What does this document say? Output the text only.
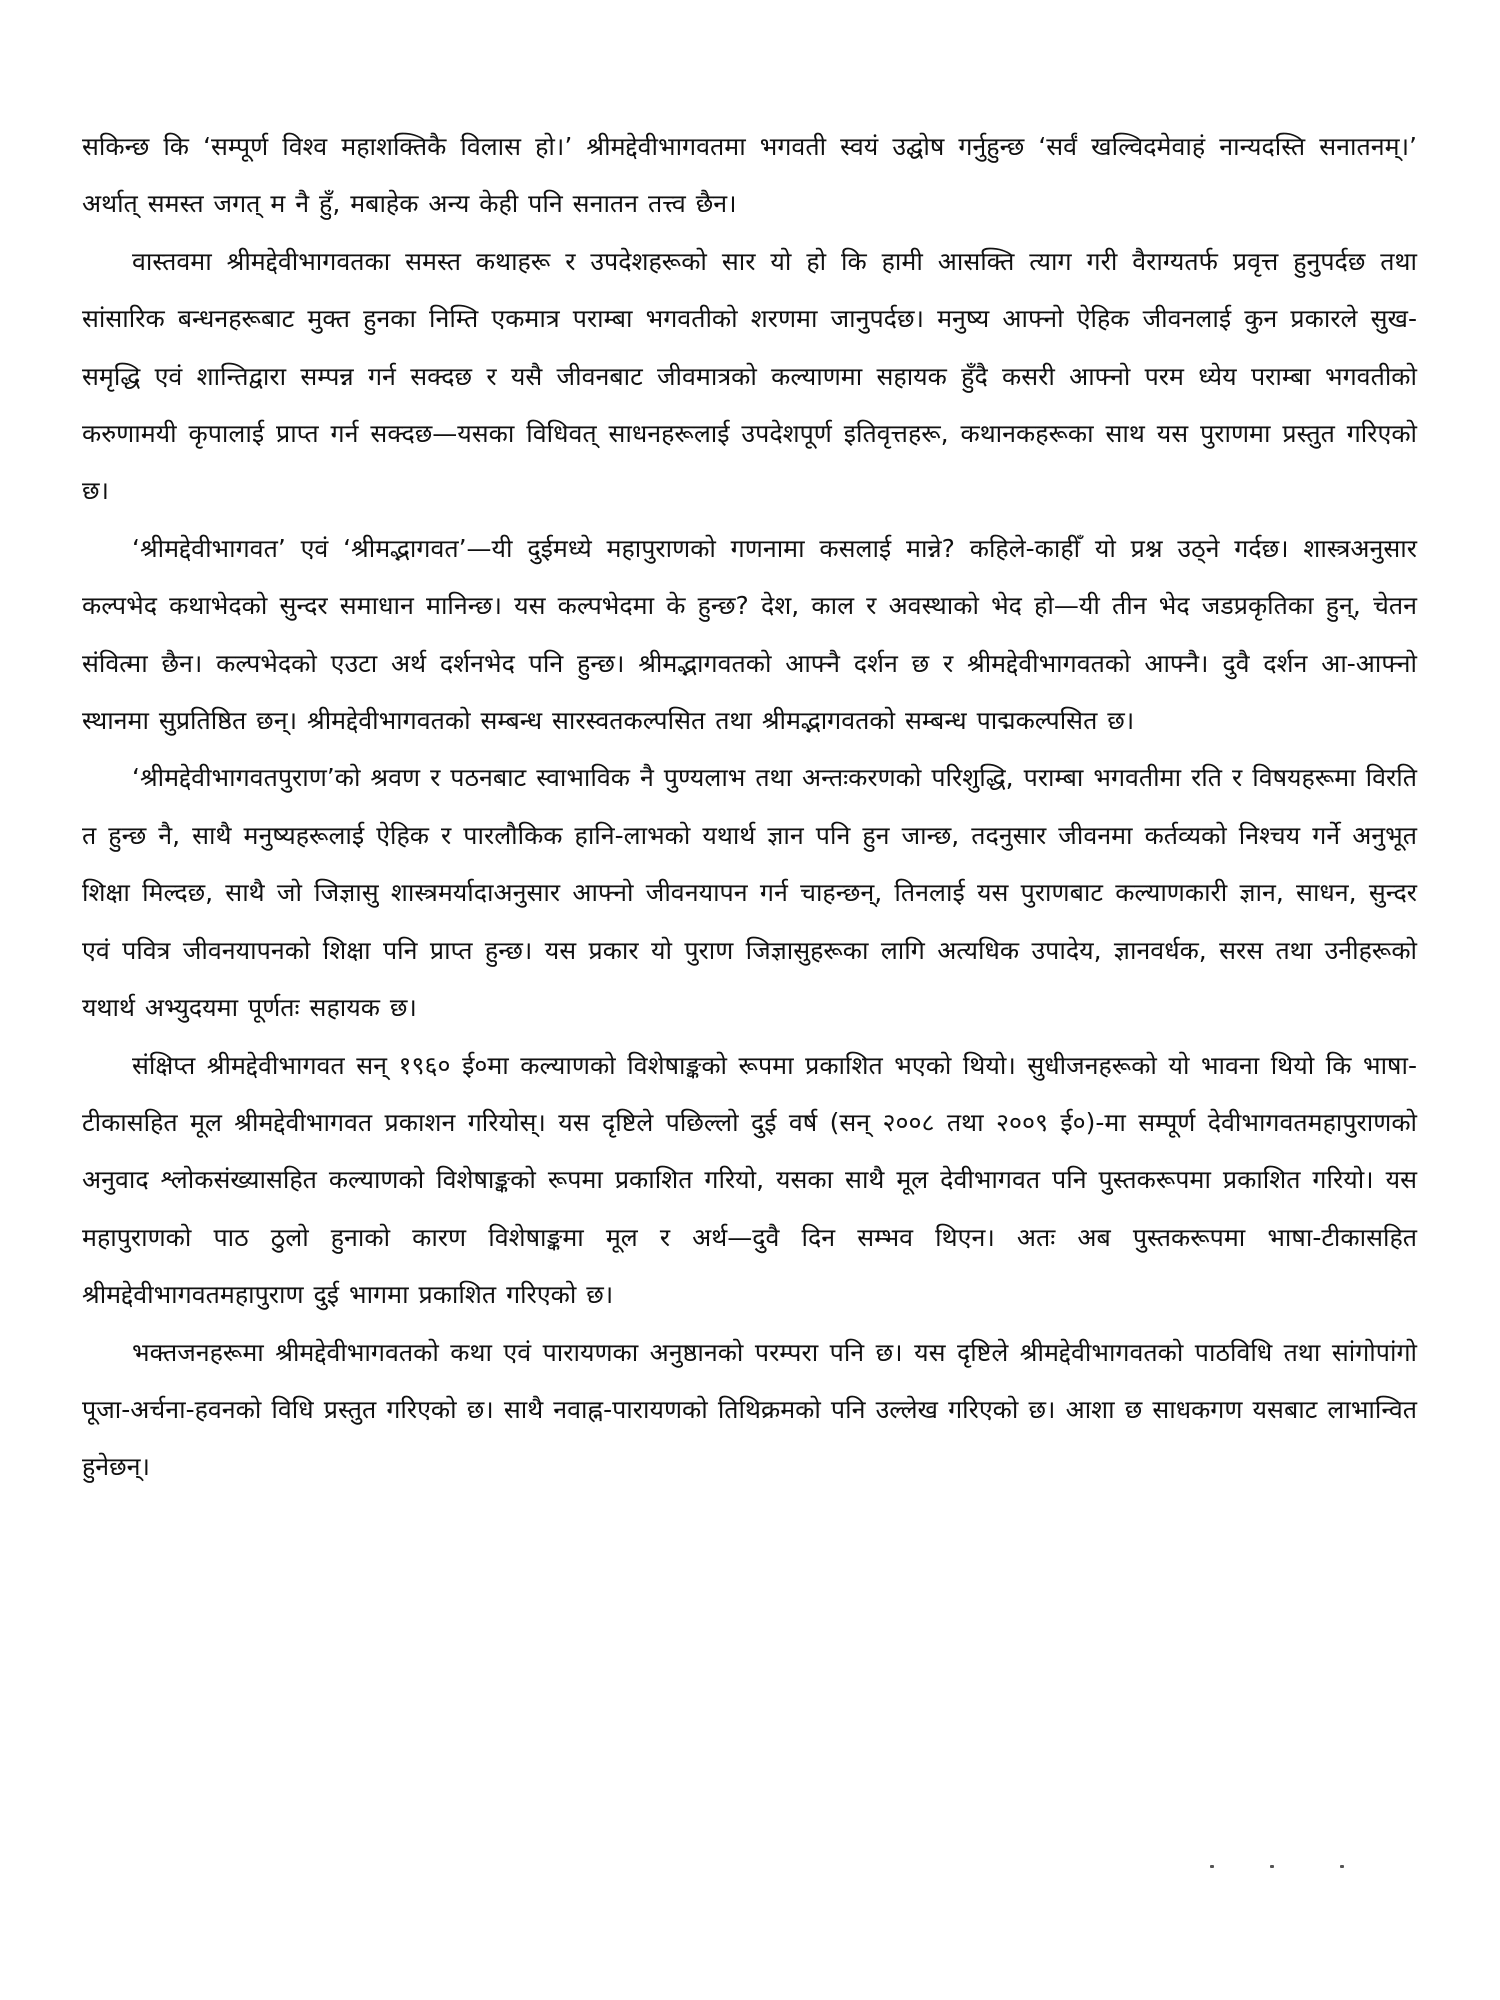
सकिन्छ कि ‘सम्पूर्ण विश्व महाशक्तिकै विलास हो।’ श्रीमद्देवीभागवतमा भगवती स्वयं उद्घोष गर्नुहुन्छ ‘सर्वं खल्विदमेवाहं नान्यदस्ति सनातनम्।’ अर्थात् समस्त जगत् म नै हुँ, मबाहेक अन्य केही पनि सनातन तत्त्व छैन।

वास्तवमा श्रीमद्देवीभागवतका समस्त कथाहरू र उपदेशहरूको सार यो हो कि हामी आसक्ति त्याग गरी वैराग्यतर्फ प्रवृत्त हुनुपर्दछ तथा सांसारिक बन्धनहरूबाट मुक्त हुनका निम्ति एकमात्र पराम्बा भगवतीको शरणमा जानुपर्दछ। मनुष्य आफ्नो ऐहिक जीवनलाई कुन प्रकारले सुख-समृद्धि एवं शान्तिद्वारा सम्पन्न गर्न सक्दछ र यसै जीवनबाट जीवमात्रको कल्याणमा सहायक हुँदै कसरी आफ्नो परम ध्येय पराम्बा भगवतीको करुणामयी कृपालाई प्राप्त गर्न सक्दछ—यसका विधिवत् साधनहरूलाई उपदेशपूर्ण इतिवृत्तहरू, कथानकहरूका साथ यस पुराणमा प्रस्तुत गरिएको छ।

‘श्रीमद्देवीभागवत’ एवं ‘श्रीमद्भागवत’—यी दुईमध्ये महापुराणको गणनामा कसलाई मान्ने? कहिले-काहीँ यो प्रश्न उठ्ने गर्दछ। शास्त्रअनुसार कल्पभेद कथाभेदको सुन्दर समाधान मानिन्छ। यस कल्पभेदमा के हुन्छ? देश, काल र अवस्थाको भेद हो—यी तीन भेद जडप्रकृतिका हुन्, चेतन संवित्मा छैन। कल्पभेदको एउटा अर्थ दर्शनभेद पनि हुन्छ। श्रीमद्भागवतको आफ्नै दर्शन छ र श्रीमद्देवीभागवतको आफ्नै। दुवै दर्शन आ-आफ्नो स्थानमा सुप्रतिष्ठित छन्। श्रीमद्देवीभागवतको सम्बन्ध सारस्वतकल्पसित तथा श्रीमद्भागवतको सम्बन्ध पाद्मकल्पसित छ।

‘श्रीमद्देवीभागवतपुराण’को श्रवण र पठनबाट स्वाभाविक नै पुण्यलाभ तथा अन्तःकरणको परिशुद्धि, पराम्बा भगवतीमा रति र विषयहरूमा विरति त हुन्छ नै, साथै मनुष्यहरूलाई ऐहिक र पारलौकिक हानि-लाभको यथार्थ ज्ञान पनि हुन जान्छ, तदनुसार जीवनमा कर्तव्यको निश्चय गर्ने अनुभूत शिक्षा मिल्दछ, साथै जो जिज्ञासु शास्त्रमर्यादाअनुसार आफ्नो जीवनयापन गर्न चाहन्छन्, तिनलाई यस पुराणबाट कल्याणकारी ज्ञान, साधन, सुन्दर एवं पवित्र जीवनयापनको शिक्षा पनि प्राप्त हुन्छ। यस प्रकार यो पुराण जिज्ञासुहरूका लागि अत्यधिक उपादेय, ज्ञानवर्धक, सरस तथा उनीहरूको यथार्थ अभ्युदयमा पूर्णतः सहायक छ।

संक्षिप्त श्रीमद्देवीभागवत सन् १९६० ई०मा कल्याणको विशेषाङ्कको रूपमा प्रकाशित भएको थियो। सुधीजनहरूको यो भावना थियो कि भाषा-टीकासहित मूल श्रीमद्देवीभागवत प्रकाशन गरियोस्। यस दृष्टिले पछिल्लो दुई वर्ष (सन् २००८ तथा २००९ ई०)-मा सम्पूर्ण देवीभागवतमहापुराणको अनुवाद श्लोकसंख्यासहित कल्याणको विशेषाङ्कको रूपमा प्रकाशित गरियो, यसका साथै मूल देवीभागवत पनि पुस्तकरूपमा प्रकाशित गरियो। यस महापुराणको पाठ ठुलो हुनाको कारण विशेषाङ्कमा मूल र अर्थ—दुवै दिन सम्भव थिएन। अतः अब पुस्तकरूपमा भाषा-टीकासहित श्रीमद्देवीभागवतमहापुराण दुई भागमा प्रकाशित गरिएको छ।

भक्तजनहरूमा श्रीमद्देवीभागवतको कथा एवं पारायणका अनुष्ठानको परम्परा पनि छ। यस दृष्टिले श्रीमद्देवीभागवतको पाठविधि तथा सांगोपांगो पूजा-अर्चना-हवनको विधि प्रस्तुत गरिएको छ। साथै नवाह्न-पारायणको तिथिक्रमको पनि उल्लेख गरिएको छ। आशा छ साधकगण यसबाट लाभान्वित हुनेछन्।
